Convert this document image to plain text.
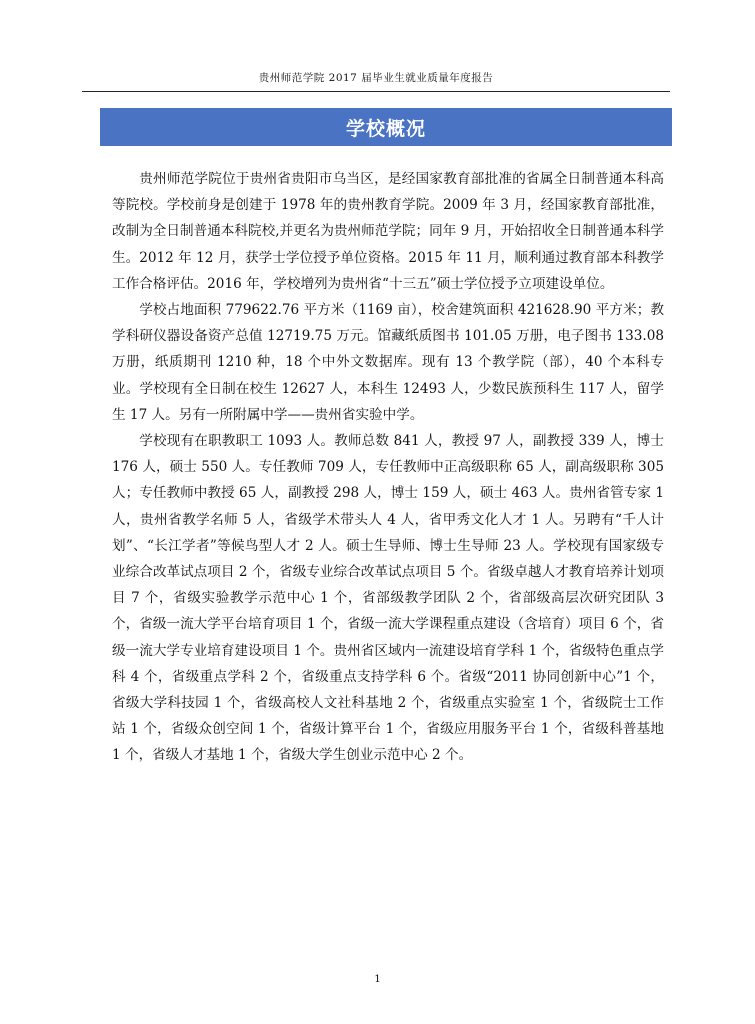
贵州师范学院 2017 届毕业生就业质量年度报告
学校概况

贵州师范学院位于贵州省贵阳市乌当区，是经国家教育部批准的省属全日制普通本科高等院校。学校前身是创建于 1978 年的贵州教育学院。2009 年 3 月，经国家教育部批准，改制为全日制普通本科院校,并更名为贵州师范学院；同年 9 月，开始招收全日制普通本科学生。2012 年 12 月，获学士学位授予单位资格。2015 年 11 月，顺利通过教育部本科教学工作合格评估。2016 年，学校增列为贵州省“十三五”硕士学位授予立项建设单位。

学校占地面积 779622.76 平方米（1169 亩），校舍建筑面积 421628.90 平方米；教学科研仪器设备资产总值 12719.75 万元。馆藏纸质图书 101.05 万册，电子图书 133.08 万册，纸质期刊 1210 种，18 个中外文数据库。现有 13 个教学院（部），40 个本科专业。学校现有全日制在校生 12627 人，本科生 12493 人，少数民族预科生 117 人，留学生 17 人。另有一所附属中学——贵州省实验中学。

学校现有在职教职工 1093 人。教师总数 841 人，教授 97 人，副教授 339 人，博士 176 人，硕士 550 人。专任教师 709 人，专任教师中正高级职称 65 人，副高级职称 305 人；专任教师中教授 65 人，副教授 298 人，博士 159 人，硕士 463 人。贵州省管专家 1 人，贵州省教学名师 5 人，省级学术带头人 4 人，省甲秀文化人才 1 人。另聘有“千人计划”、“长江学者”等候鸟型人才 2 人。硕士生导师、博士生导师 23 人。学校现有国家级专业综合改革试点项目 2 个，省级专业综合改革试点项目 5 个。省级卓越人才教育培养计划项目 7 个，省级实验教学示范中心 1 个，省部级教学团队 2 个，省部级高层次研究团队 3 个，省级一流大学平台培育项目 1 个，省级一流大学课程重点建设（含培育）项目 6 个，省级一流大学专业培育建设项目 1 个。贵州省区域内一流建设培育学科 1 个，省级特色重点学科 4 个，省级重点学科 2 个，省级重点支持学科 6 个。省级“2011 协同创新中心”1 个，省级大学科技园 1 个，省级高校人文社科基地 2 个，省级重点实验室 1 个，省级院士工作站 1 个，省级众创空间 1 个，省级计算平台 1 个，省级应用服务平台 1 个，省级科普基地 1 个，省级人才基地 1 个，省级大学生创业示范中心 2 个。

1
